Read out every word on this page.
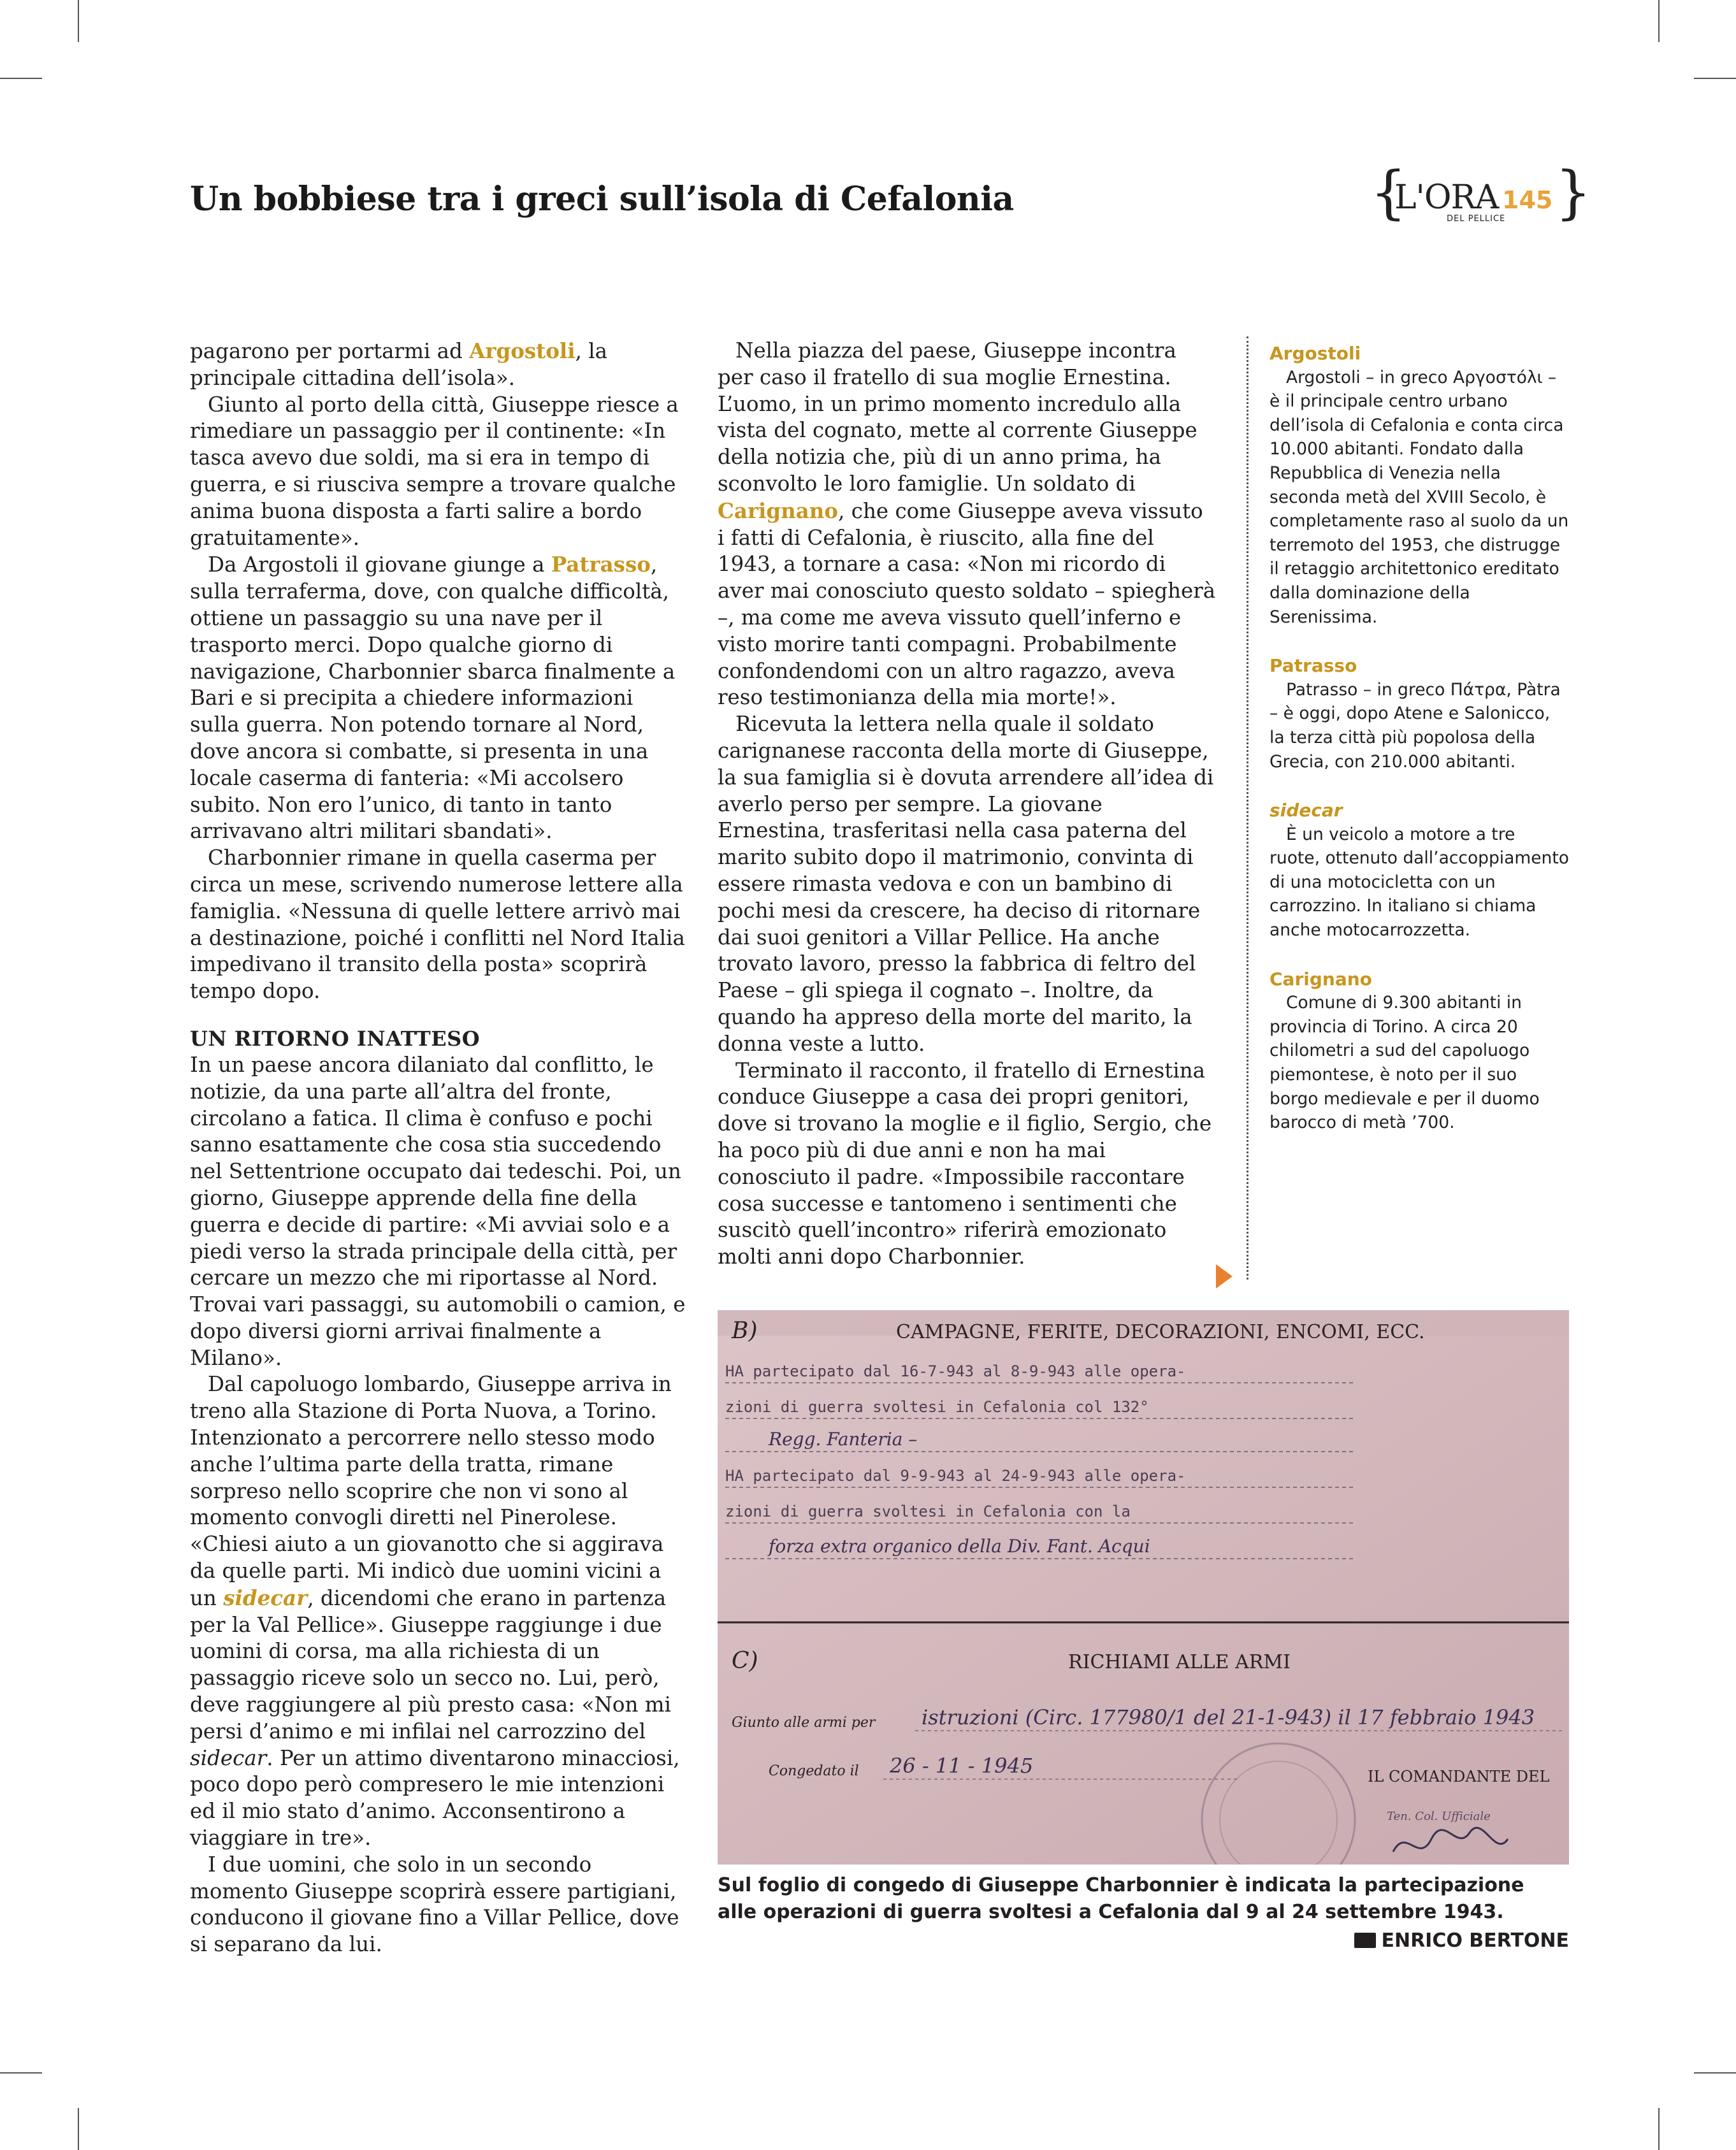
Un bobbiese tra i greci sull’isola di Cefalonia	{
L'ORA
DEL PELLICE
145 }

pagarono per portarmi ad Argostoli, la principale cittadina dell’isola».

Giunto al porto della città, Giuseppe riesce a rimediare un passaggio per il continente: «In tasca avevo due soldi, ma si era in tempo di guerra, e si riusciva sempre a trovare qualche anima buona disposta a farti salire a bordo gratuitamente».

Da Argostoli il giovane giunge a Patrasso, sulla terraferma, dove, con qualche difficoltà, ottiene un passaggio su una nave per il trasporto merci. Dopo qualche giorno di navigazione, Charbonnier sbarca finalmente a Bari e si precipita a chiedere informazioni sulla guerra. Non potendo tornare al Nord, dove ancora si combatte, si presenta in una locale caserma di fanteria: «Mi accolsero subito. Non ero l’unico, di tanto in tanto arrivavano altri militari sbandati».

Charbonnier rimane in quella caserma per circa un mese, scrivendo numerose lettere alla famiglia. «Nessuna di quelle lettere arrivò mai a destinazione, poiché i conflitti nel Nord Italia impedivano il transito della posta» scoprirà tempo dopo.

UN RITORNO INATTESO

In un paese ancora dilaniato dal conflitto, le notizie, da una parte all’altra del fronte, circolano a fatica. Il clima è confuso e pochi sanno esattamente che cosa stia succedendo nel Settentrione occupato dai tedeschi. Poi, un giorno, Giuseppe apprende della fine della guerra e decide di partire: «Mi avviai solo e a piedi verso la strada principale della città, per cercare un mezzo che mi riportasse al Nord. Trovai vari passaggi, su automobili o camion, e dopo diversi giorni arrivai finalmente a Milano».

Dal capoluogo lombardo, Giuseppe arriva in treno alla Stazione di Porta Nuova, a Torino. Intenzionato a percorrere nello stesso modo anche l’ultima parte della tratta, rimane sorpreso nello scoprire che non vi sono al momento convogli diretti nel Pinerolese. «Chiesi aiuto a un giovanotto che si aggirava da quelle parti. Mi indicò due uomini vicini a un sidecar, dicendomi che erano in partenza per la Val Pellice». Giuseppe raggiunge i due uomini di corsa, ma alla richiesta di un passaggio riceve solo un secco no. Lui, però, deve raggiungere al più presto casa: «Non mi persi d’animo e mi infilai nel carrozzino del sidecar. Per un attimo diventarono minacciosi, poco dopo però compresero le mie intenzioni ed il mio stato d’animo. Acconsentirono a viaggiare in tre».

I due uomini, che solo in un secondo momento Giuseppe scoprirà essere partigiani, conducono il giovane fino a Villar Pellice, dove si separano da lui.

Nella piazza del paese, Giuseppe incontra per caso il fratello di sua moglie Ernestina. L’uomo, in un primo momento incredulo alla vista del cognato, mette al corrente Giuseppe della notizia che, più di un anno prima, ha sconvolto le loro famiglie. Un soldato di Carignano, che come Giuseppe aveva vissuto i fatti di Cefalonia, è riuscito, alla fine del 1943, a tornare a casa: «Non mi ricordo di aver mai conosciuto questo soldato – spiegherà –, ma come me aveva vissuto quell’inferno e visto morire tanti compagni. Probabilmente confondendomi con un altro ragazzo, aveva reso testimonianza della mia morte!».

Ricevuta la lettera nella quale il soldato carignanese racconta della morte di Giuseppe, la sua famiglia si è dovuta arrendere all’idea di averlo perso per sempre. La giovane Ernestina, trasferitasi nella casa paterna del marito subito dopo il matrimonio, convinta di essere rimasta vedova e con un bambino di pochi mesi da crescere, ha deciso di ritornare dai suoi genitori a Villar Pellice. Ha anche trovato lavoro, presso la fabbrica di feltro del Paese – gli spiega il cognato –. Inoltre, da quando ha appreso della morte del marito, la donna veste a lutto.

Terminato il racconto, il fratello di Ernestina conduce Giuseppe a casa dei propri genitori, dove si trovano la moglie e il figlio, Sergio, che ha poco più di due anni e non ha mai conosciuto il padre. «Impossibile raccontare cosa successe e tantomeno i sentimenti che suscitò quell’incontro» riferirà emozionato molti anni dopo Charbonnier.

Argostoli
Argostoli – in greco Αργοστόλι – è il principale centro urbano dell’isola di Cefalonia e conta circa 10.000 abitanti. Fondato dalla Repubblica di Venezia nella seconda metà del XVIII Secolo, è completamente raso al suolo da un terremoto del 1953, che distrugge il retaggio architettonico ereditato dalla dominazione della Serenissima.
Patrasso
Patrasso – in greco Πάτρα, Pàtra – è oggi, dopo Atene e Salonicco, la terza città più popolosa della Grecia, con 210.000 abitanti.
sidecar
È un veicolo a motore a tre ruote, ottenuto dall’accoppiamento di una motocicletta con un carrozzino. In italiano si chiama anche motocarrozzetta.
Carignano
Comune di 9.300 abitanti in provincia di Torino. A circa 20 chilometri a sud del capoluogo piemontese, è noto per il suo borgo medievale e per il duomo barocco di metà ’700.
B)	CAMPAGNE, FERITE, DECORAZIONI, ENCOMI, ECC.
HA partecipato dal 16-7-943 al 8-9-943 alle opera-
zioni di guerra svoltesi in Cefalonia col 132°
Regg. Fanteria –
HA partecipato dal 9-9-943 al 24-9-943 alle opera-
zioni di guerra svoltesi in Cefalonia con la
forza extra organico della Div. Fant. Acqui
C)	RICHIAMI ALLE ARMI
Giunto alle armi per istruzioni (Circ. 177980/1 del 21-1-943) il 17 febbraio 1943
Congedato il 26 - 11 - 1945	IL COMANDANTE DEL
Ten. Col. Ufficiale
Sul foglio di congedo di Giuseppe Charbonnier è indicata la partecipazione alle operazioni di guerra svoltesi a Cefalonia dal 9 al 24 settembre 1943.
ENRICO BERTONE
